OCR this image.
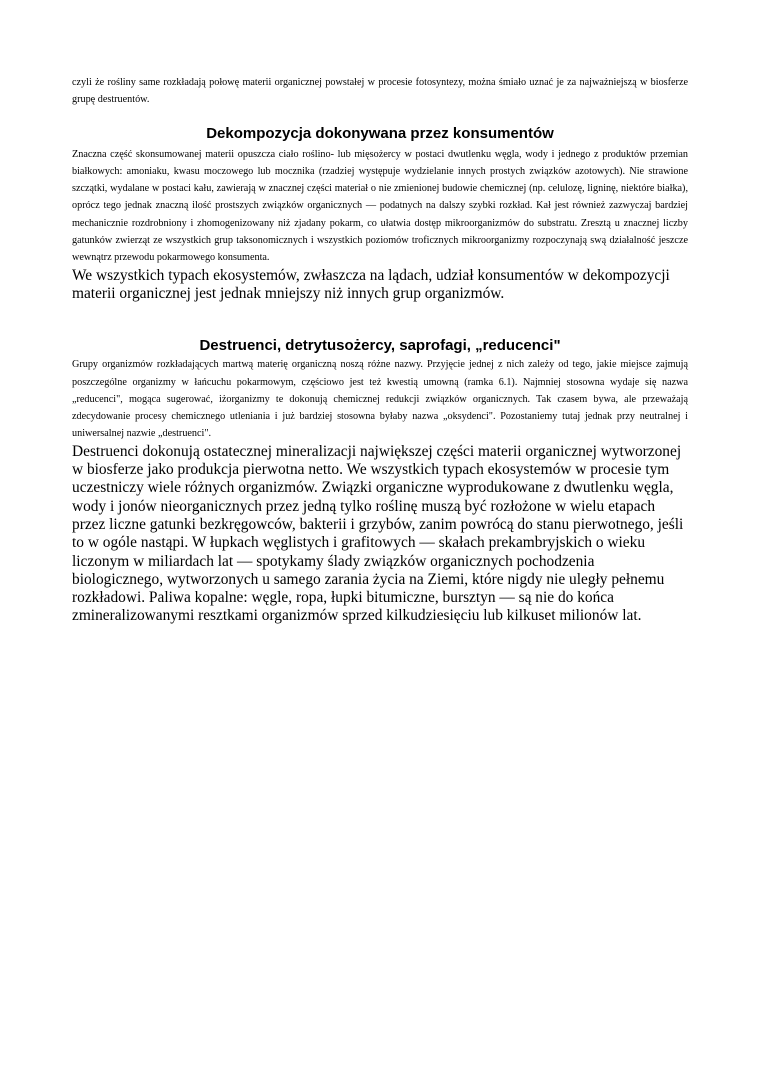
czyli że rośliny same rozkładają połowę materii organicznej powstałej w procesie fotosyntezy, można śmiało uznać je za najważniejszą w biosferze grupę destruentów.

Dekompozycja dokonywana przez konsumentów

Znaczna część skonsumowanej materii opuszcza ciało roślino- lub mięsożercy w postaci dwutlenku węgla, wody i jednego z produktów przemian białkowych: amoniaku, kwasu moczowego lub mocznika (rzadziej występuje wydzielanie innych prostych związków azotowych). Nie strawione szczątki, wydalane w postaci kału, zawierają w znacznej części materiał o nie zmienionej budowie chemicznej (np. celulozę, ligninę, niektóre białka), oprócz tego jednak znaczną ilość prostszych związków organicznych — podatnych na dalszy szybki rozkład. Kał jest również zazwyczaj bardziej mechanicznie rozdrobniony i zhomogenizowany niż zjadany pokarm, co ułatwia dostęp mikroorganizmów do substratu. Zresztą u znacznej liczby gatunków zwierząt ze wszystkich grup taksonomicznych i wszystkich poziomów troficznych mikroorganizmy rozpoczynają swą działalność jeszcze wewnątrz przewodu pokarmowego konsumenta.

We wszystkich typach ekosystemów, zwłaszcza na lądach, udział konsumentów w dekompozycji materii organicznej jest jednak mniejszy niż innych grup organizmów.

Destruenci, detrytusożercy, saprofagi, „reducenci"

Grupy organizmów rozkładających martwą materię organiczną noszą różne nazwy. Przyjęcie jednej z nich zależy od tego, jakie miejsce zajmują poszczególne organizmy w łańcuchu pokarmowym, częściowo jest też kwestią umowną (ramka 6.1). Najmniej stosowna wydaje się nazwa „reducenci", mogąca sugerować, iżorganizmy te dokonują chemicznej redukcji związków organicznych. Tak czasem bywa, ale przeważają zdecydowanie procesy chemicznego utleniania i już bardziej stosowna byłaby nazwa „oksydenci". Pozostaniemy tutaj jednak przy neutralnej i uniwersalnej nazwie „destruenci".

Destruenci dokonują ostatecznej mineralizacji największej części materii organicznej wytworzonej w biosferze jako produkcja pierwotna netto. We wszystkich typach ekosystemów w procesie tym uczestniczy wiele różnych organizmów. Związki organiczne wyprodukowane z dwutlenku węgla, wody i jonów nieorganicznych przez jedną tylko roślinę muszą być rozłożone w wielu etapach przez liczne gatunki bezkręgowców, bakterii i grzybów, zanim powrócą do stanu pierwotnego, jeśli to w ogóle nastąpi. W łupkach węglistych i grafitowych — skałach prekambryjskich o wieku liczonym w miliardach lat — spotykamy ślady związków organicznych pochodzenia biologicznego, wytworzonych u samego zarania życia na Ziemi, które nigdy nie uległy pełnemu rozkładowi. Paliwa kopalne: węgle, ropa, łupki bitumiczne, bursztyn — są nie do końca zmineralizowanymi resztkami organizmów sprzed kilkudziesięciu lub kilkuset milionów lat.
